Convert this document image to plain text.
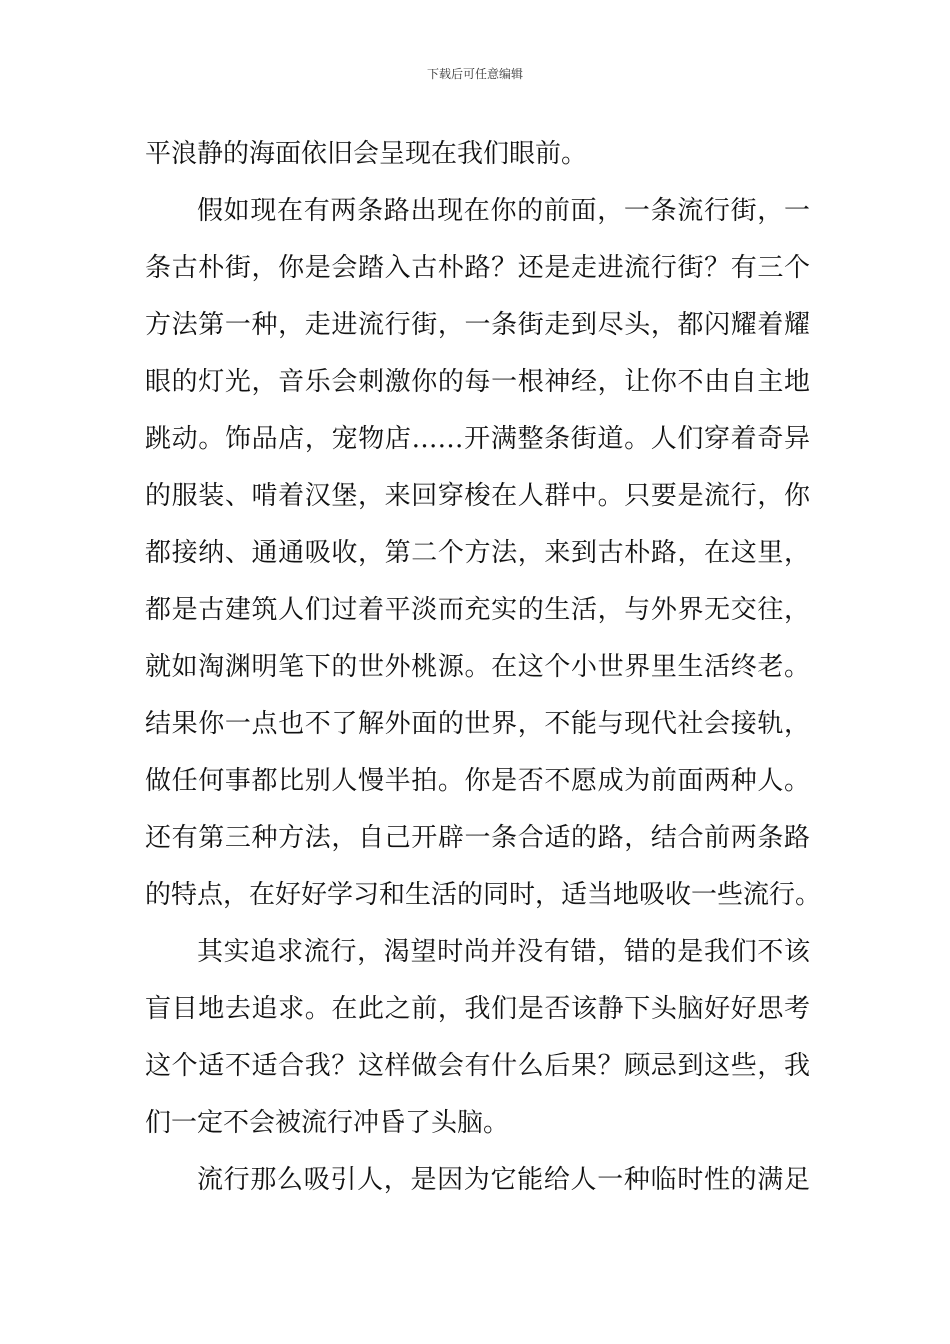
下载后可任意编辑
平浪静的海面依旧会呈现在我们眼前。
假如现在有两条路出现在你的前面，一条流行街，一
条古朴街，你是会踏入古朴路？还是走进流行街？有三个
方法第一种，走进流行街，一条街走到尽头，都闪耀着耀
眼的灯光，音乐会刺激你的每一根神经，让你不由自主地
跳动。饰品店，宠物店……开满整条街道。人们穿着奇异
的服装、啃着汉堡，来回穿梭在人群中。只要是流行，你
都接纳、通通吸收，第二个方法，来到古朴路，在这里，
都是古建筑人们过着平淡而充实的生活，与外界无交往，
就如淘渊明笔下的世外桃源。在这个小世界里生活终老。
结果你一点也不了解外面的世界，不能与现代社会接轨，
做任何事都比别人慢半拍。你是否不愿成为前面两种人。
还有第三种方法，自己开辟一条合适的路，结合前两条路
的特点，在好好学习和生活的同时，适当地吸收一些流行。
其实追求流行，渴望时尚并没有错，错的是我们不该
盲目地去追求。在此之前，我们是否该静下头脑好好思考
这个适不适合我？这样做会有什么后果？顾忌到这些，我
们一定不会被流行冲昏了头脑。
流行那么吸引人，是因为它能给人一种临时性的满足
